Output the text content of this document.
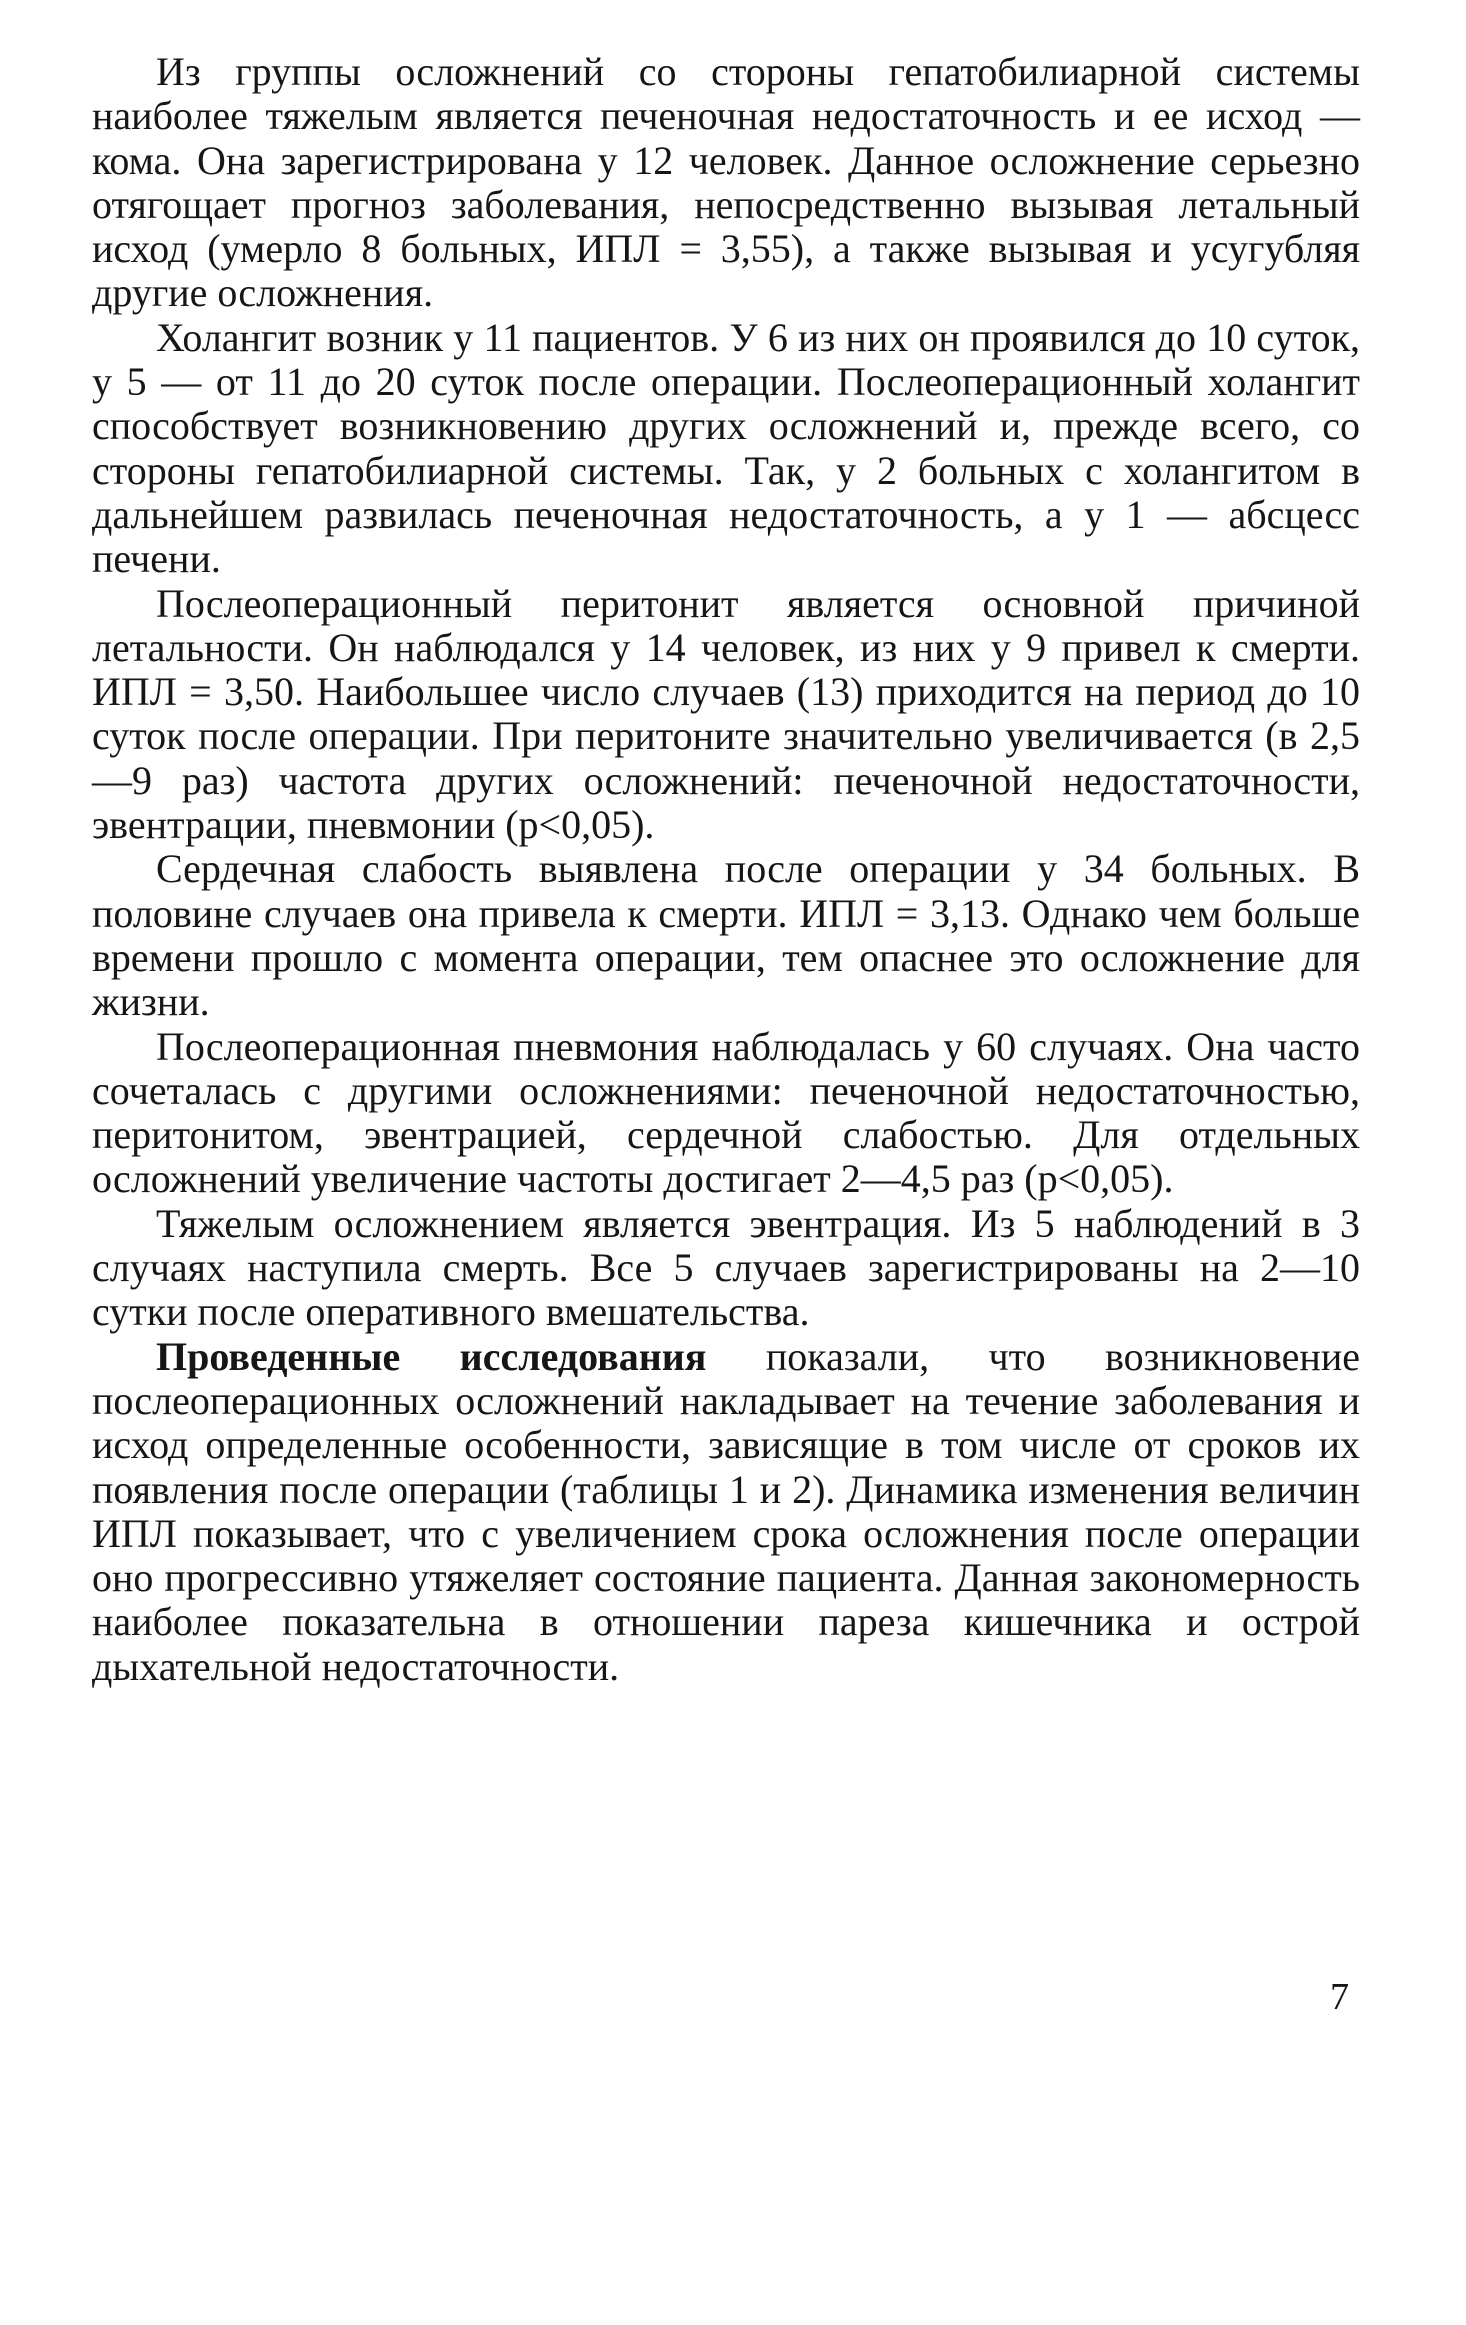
Из группы осложнений со стороны гепатобилиарной системы наиболее тяжелым является печеночная недостаточность и ее исход — кома. Она зарегистрирована у 12 человек. Данное осложнение серьезно отягощает прогноз заболевания, непосредственно вызывая летальный исход (умерло 8 больных, ИПЛ = 3,55), а также вызывая и усугубляя другие осложнения.

Холангит возник у 11 пациентов. У 6 из них он проявился до 10 суток, у 5 — от 11 до 20 суток после операции. Послеоперационный холангит способствует возникновению других осложнений и, прежде всего, со стороны гепатобилиарной системы. Так, у 2 больных с холангитом в дальнейшем развилась печеночная недостаточность, а у 1 — абсцесс печени.

Послеоперационный перитонит является основной причиной летальности. Он наблюдался у 14 человек, из них у 9 привел к смерти. ИПЛ = 3,50. Наибольшее число случаев (13) приходится на период до 10 суток после операции. При перитоните значительно увеличивается (в 2,5—9 раз) частота других осложнений: печеночной недостаточности, эвентрации, пневмонии (p<0,05).

Сердечная слабость выявлена после операции у 34 больных. В половине случаев она привела к смерти. ИПЛ = 3,13. Однако чем больше времени прошло с момента операции, тем опаснее это осложнение для жизни.

Послеоперационная пневмония наблюдалась у 60 случаях. Она часто сочеталась с другими осложнениями: печеночной недостаточностью, перитонитом, эвентрацией, сердечной слабостью. Для отдельных осложнений увеличение частоты достигает 2—4,5 раз (p<0,05).

Тяжелым осложнением является эвентрация. Из 5 наблюдений в 3 случаях наступила смерть. Все 5 случаев зарегистрированы на 2—10 сутки после оперативного вмешательства.

Проведенные исследования показали, что возникновение послеоперационных осложнений накладывает на течение заболевания и исход определенные особенности, зависящие в том числе от сроков их появления после операции (таблицы 1 и 2). Динамика изменения величин ИПЛ показывает, что с увеличением срока осложнения после операции оно прогрессивно утяжеляет состояние пациента. Данная закономерность наиболее показательна в отношении пареза кишечника и острой дыхательной недостаточности.

7
